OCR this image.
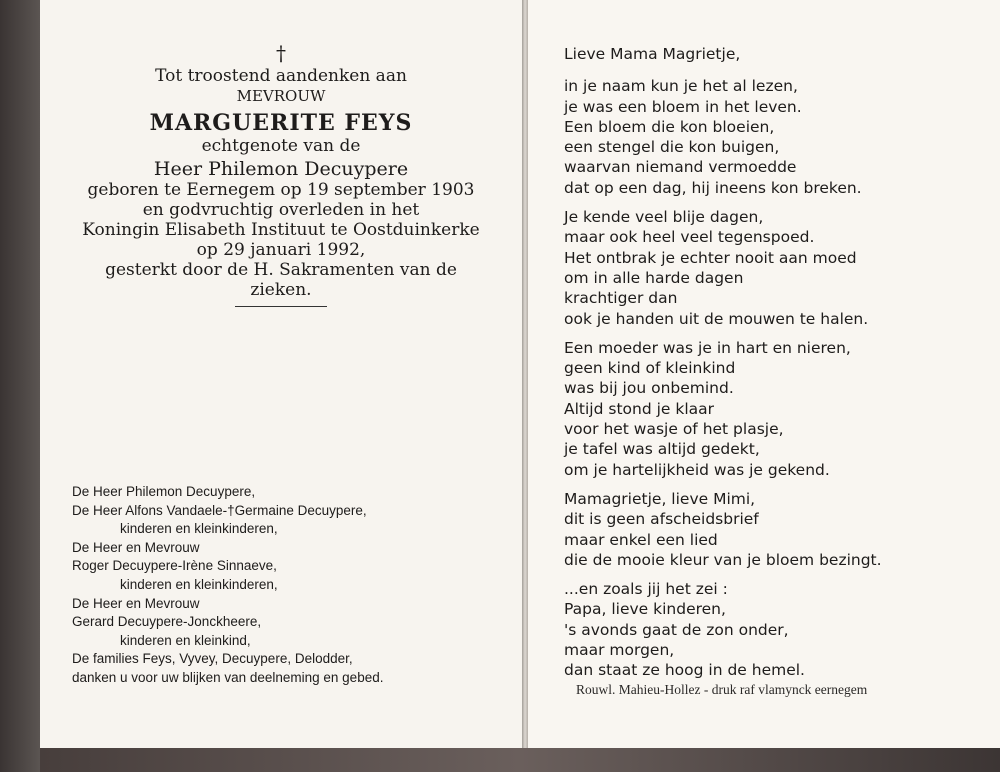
†
Tot troostend aandenken aan
MEVROUW
MARGUERITE FEYS
echtgenote van de
Heer Philemon Decuypere
geboren te Eernegem op 19 september 1903
en godvruchtig overleden in het
Koningin Elisabeth Instituut te Oostduinkerke
op 29 januari 1992,
gesterkt door de H. Sakramenten van de
zieken.
De Heer Philemon Decuypere,
De Heer Alfons Vandaele-†Germaine Decuypere,
kinderen en kleinkinderen,
De Heer en Mevrouw
Roger Decuypere-Irène Sinnaeve,
kinderen en kleinkinderen,
De Heer en Mevrouw
Gerard Decuypere-Jonckheere,
kinderen en kleinkind,
De families Feys, Vyvey, Decuypere, Delodder,
danken u voor uw blijken van deelneming en gebed.
Lieve Mama Magrietje,
in je naam kun je het al lezen,
je was een bloem in het leven.
Een bloem die kon bloeien,
een stengel die kon buigen,
waarvan niemand vermoedde
dat op een dag, hij ineens kon breken.
Je kende veel blije dagen,
maar ook heel veel tegenspoed.
Het ontbrak je echter nooit aan moed
om in alle harde dagen
krachtiger dan
ook je handen uit de mouwen te halen.
Een moeder was je in hart en nieren,
geen kind of kleinkind
was bij jou onbemind.
Altijd stond je klaar
voor het wasje of het plasje,
je tafel was altijd gedekt,
om je hartelijkheid was je gekend.
Mamagrietje, lieve Mimi,
dit is geen afscheidsbrief
maar enkel een lied
die de mooie kleur van je bloem bezingt.
...en zoals jij het zei :
Papa, lieve kinderen,
's avonds gaat de zon onder,
maar morgen,
dan staat ze hoog in de hemel.
Rouwl. Mahieu-Hollez - druk raf vlamynck eernegem
